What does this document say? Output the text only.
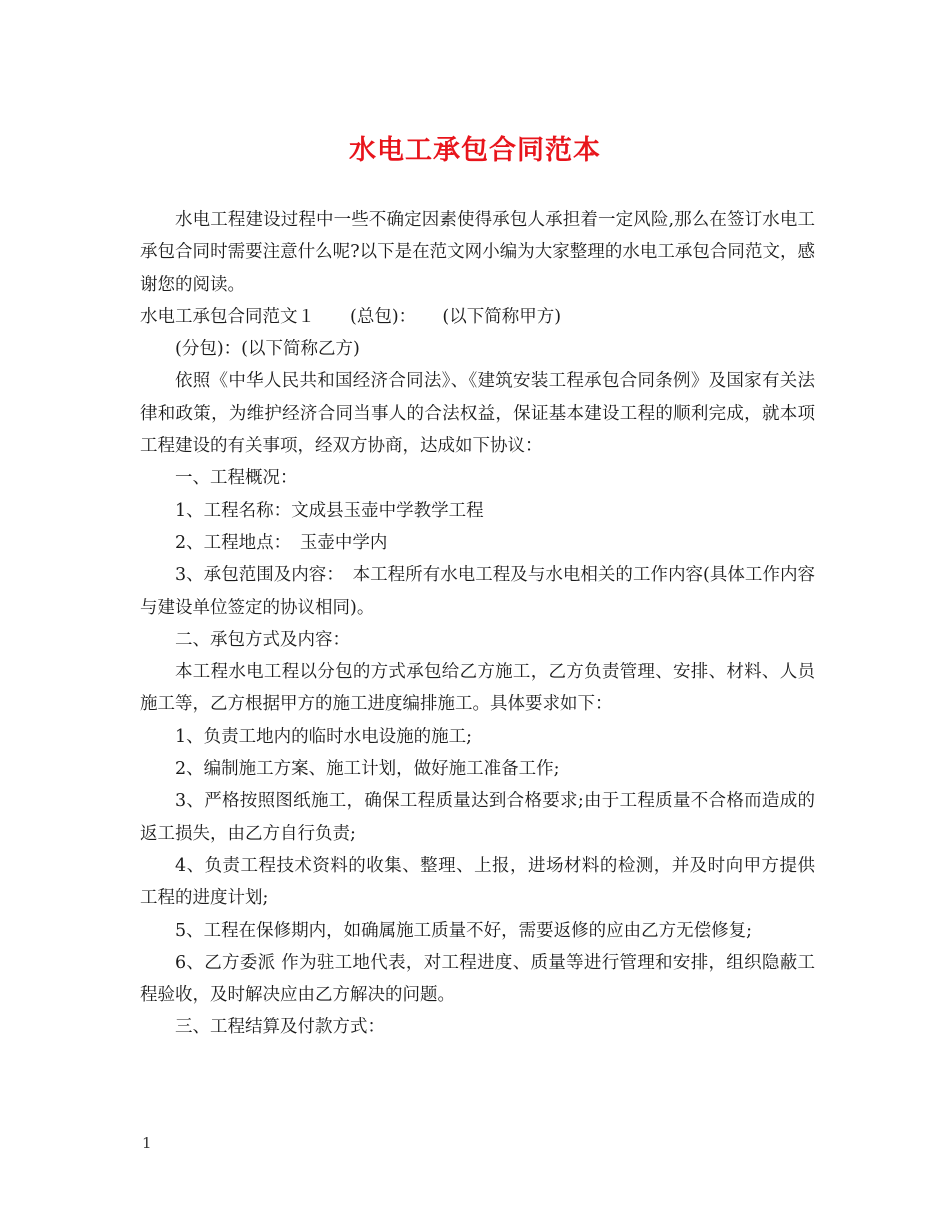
水电工承包合同范本

水电工程建设过程中一些不确定因素使得承包人承担着一定风险,那么在签订水电工承包合同时需要注意什么呢?以下是在范文网小编为大家整理的水电工承包合同范文，感谢您的阅读。

水电工承包合同范文１　　(总包)：　　(以下简称甲方)

(分包)：(以下简称乙方)

依照《中华人民共和国经济合同法》、《建筑安装工程承包合同条例》及国家有关法律和政策，为维护经济合同当事人的合法权益，保证基本建设工程的顺利完成，就本项工程建设的有关事项，经双方协商，达成如下协议：

一、工程概况：

1、工程名称：文成县玉壶中学教学工程

2、工程地点：　玉壶中学内

3、承包范围及内容：　本工程所有水电工程及与水电相关的工作内容(具体工作内容与建设单位签定的协议相同)。

二、承包方式及内容：

本工程水电工程以分包的方式承包给乙方施工，乙方负责管理、安排、材料、人员施工等，乙方根据甲方的施工进度编排施工。具体要求如下：

1、负责工地内的临时水电设施的施工;

2、编制施工方案、施工计划，做好施工准备工作;

3、严格按照图纸施工，确保工程质量达到合格要求;由于工程质量不合格而造成的返工损失，由乙方自行负责;

4、负责工程技术资料的收集、整理、上报，进场材料的检测，并及时向甲方提供工程的进度计划;

5、工程在保修期内，如确属施工质量不好，需要返修的应由乙方无偿修复;

6、乙方委派 作为驻工地代表，对工程进度、质量等进行管理和安排，组织隐蔽工程验收，及时解决应由乙方解决的问题。

三、工程结算及付款方式：

1
